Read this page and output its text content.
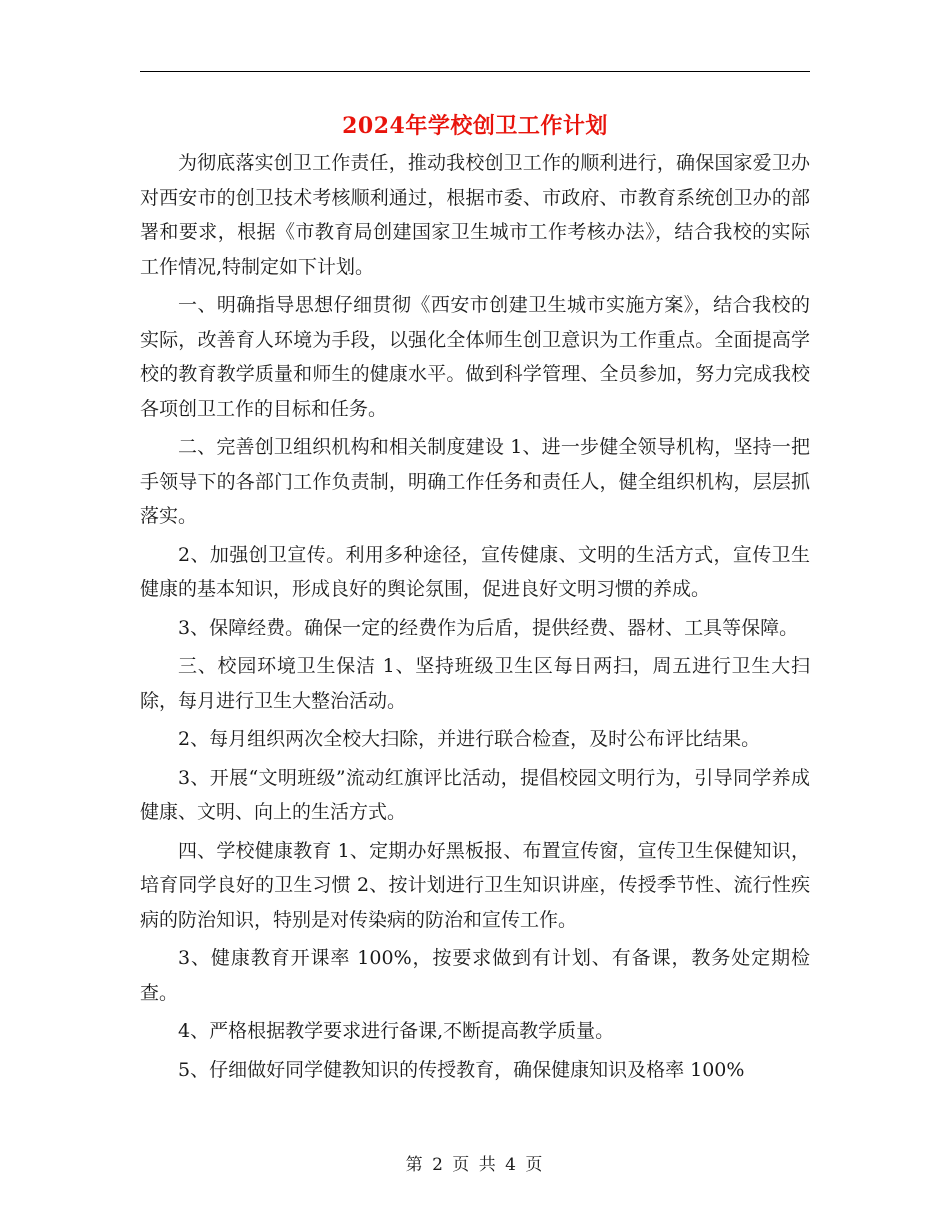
2024年学校创卫工作计划

为彻底落实创卫工作责任，推动我校创卫工作的顺利进行，确保国家爱卫办对西安市的创卫技术考核顺利通过，根据市委、市政府、市教育系统创卫办的部署和要求，根据《市教育局创建国家卫生城市工作考核办法》，结合我校的实际工作情况,特制定如下计划。

一、明确指导思想仔细贯彻《西安市创建卫生城市实施方案》，结合我校的实际，改善育人环境为手段，以强化全体师生创卫意识为工作重点。全面提高学校的教育教学质量和师生的健康水平。做到科学管理、全员参加，努力完成我校各项创卫工作的目标和任务。

二、完善创卫组织机构和相关制度建设 1、进一步健全领导机构，坚持一把手领导下的各部门工作负责制，明确工作任务和责任人，健全组织机构，层层抓落实。

2、加强创卫宣传。利用多种途径，宣传健康、文明的生活方式，宣传卫生健康的基本知识，形成良好的舆论氛围，促进良好文明习惯的养成。

3、保障经费。确保一定的经费作为后盾，提供经费、器材、工具等保障。

三、校园环境卫生保洁 1、坚持班级卫生区每日两扫，周五进行卫生大扫除，每月进行卫生大整治活动。

2、每月组织两次全校大扫除，并进行联合检查，及时公布评比结果。

3、开展“文明班级”流动红旗评比活动，提倡校园文明行为，引导同学养成健康、文明、向上的生活方式。

四、学校健康教育 1、定期办好黑板报、布置宣传窗，宣传卫生保健知识，培育同学良好的卫生习惯 2、按计划进行卫生知识讲座，传授季节性、流行性疾病的防治知识，特别是对传染病的防治和宣传工作。

3、健康教育开课率 100%，按要求做到有计划、有备课，教务处定期检查。

4、严格根据教学要求进行备课,不断提高教学质量。

5、仔细做好同学健教知识的传授教育，确保健康知识及格率 100%

第 2 页 共 4 页
